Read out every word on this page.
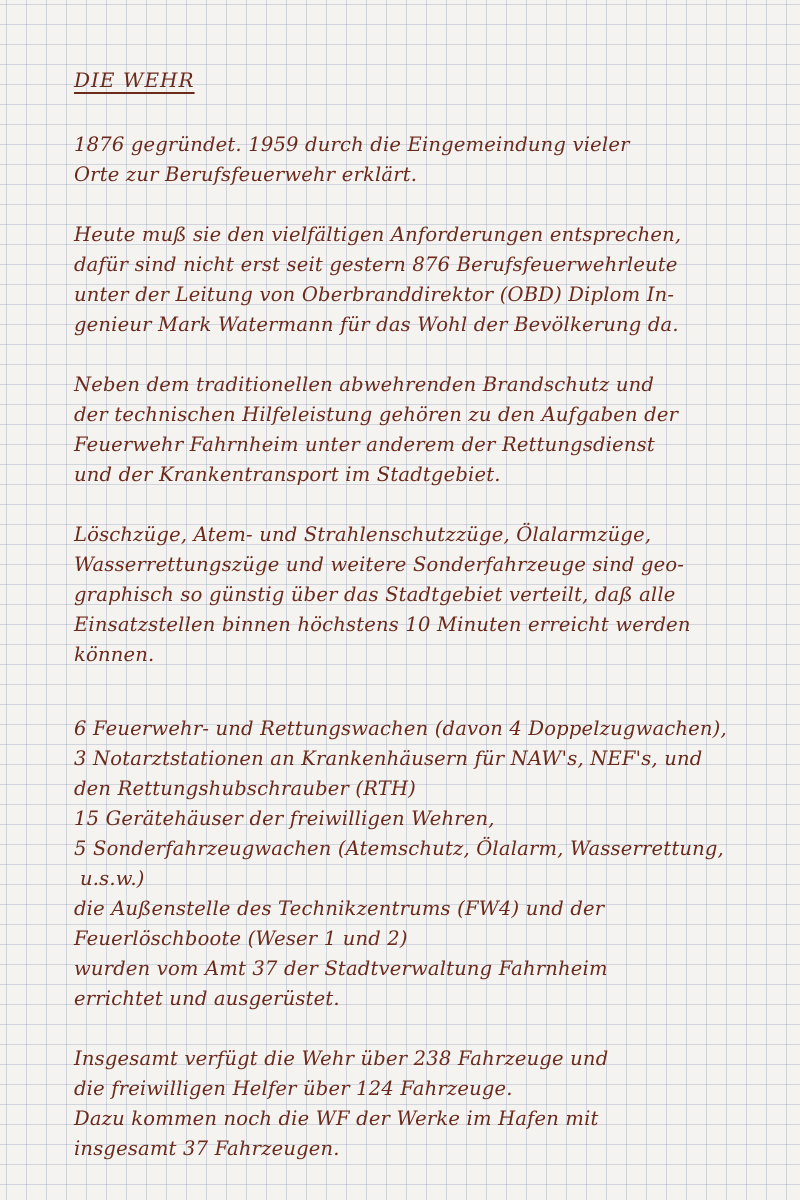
DIE WEHR
1876 gegründet. 1959 durch die Eingemeindung vieler
Orte zur Berufsfeuerwehr erklärt.
Heute muß sie den vielfältigen Anforderungen entsprechen,
dafür sind nicht erst seit gestern 876 Berufsfeuerwehrleute
unter der Leitung von Oberbranddirektor (OBD) Diplom In-
genieur Mark Watermann für das Wohl der Bevölkerung da.
Neben dem traditionellen abwehrenden Brandschutz und
der technischen Hilfeleistung gehören zu den Aufgaben der
Feuerwehr Fahrnheim unter anderem der Rettungsdienst
und der Krankentransport im Stadtgebiet.
Löschzüge, Atem- und Strahlenschutzzüge, Ölalarmzüge,
Wasserrettungszüge und weitere Sonderfahrzeuge sind geo-
graphisch so günstig über das Stadtgebiet verteilt, daß alle
Einsatzstellen binnen höchstens 10 Minuten erreicht werden
können.
6 Feuerwehr- und Rettungswachen (davon 4 Doppelzugwachen),
3 Notarztstationen an Krankenhäusern für NAW's, NEF's, und
den Rettungshubschrauber (RTH)
15 Gerätehäuser der freiwilligen Wehren,
5 Sonderfahrzeugwachen (Atemschutz, Ölalarm, Wasserrettung,
u.s.w.)
die Außenstelle des Technikzentrums (FW4) und der
Feuerlöschboote (Weser 1 und 2)
wurden vom Amt 37 der Stadtverwaltung Fahrnheim
errichtet und ausgerüstet.
Insgesamt verfügt die Wehr über 238 Fahrzeuge und
die freiwilligen Helfer über 124 Fahrzeuge.
Dazu kommen noch die WF der Werke im Hafen mit
insgesamt 37 Fahrzeugen.
